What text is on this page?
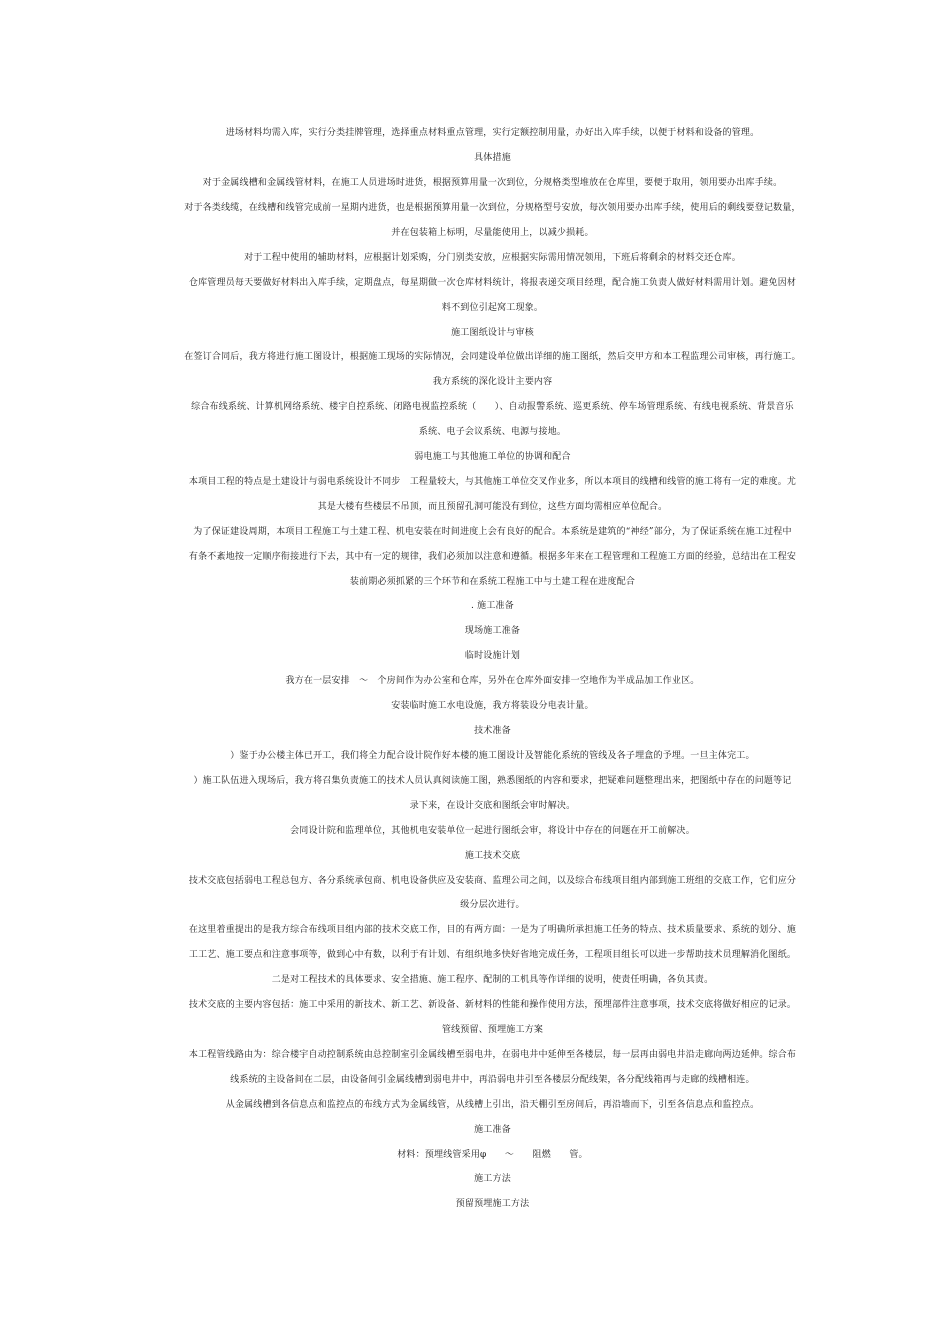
进场材料均需入库，实行分类挂牌管理，选择重点材料重点管理，实行定额控制用量，办好出入库手续，以便于材料和设备的管理。
具体措施
对于金属线槽和金属线管材料，在施工人员进场时进货，根据预算用量一次到位，分规格类型堆放在仓库里，要便于取用，领用要办出库手续。
对于各类线缆，在线槽和线管完成前一星期内进货，也是根据预算用量一次到位，分规格型号安放，每次领用要办出库手续，使用后的剩线要登记数量，
并在包装箱上标明，尽量能使用上，以减少损耗。
对于工程中使用的辅助材料，应根据计划采购，分门别类安放，应根据实际需用情况领用，下班后将剩余的材料交还仓库。
仓库管理员每天要做好材料出入库手续，定期盘点，每星期做一次仓库材料统计，将报表递交项目经理，配合施工负责人做好材料需用计划。避免因材
料不到位引起窝工现象。
施工图纸设计与审核
在签订合同后，我方将进行施工图设计，根据施工现场的实际情况，会同建设单位做出详细的施工图纸，然后交甲方和本工程监理公司审核，再行施工。
我方系统的深化设计主要内容
综合布线系统、计算机网络系统、楼宇自控系统、闭路电视监控系统（　　）、自动报警系统、巡更系统、停车场管理系统、有线电视系统、背景音乐
系统、电子会议系统、电源与接地。
弱电施工与其他施工单位的协调和配合
本项目工程的特点是土建设计与弱电系统设计不同步　工程量较大，与其他施工单位交叉作业多，所以本项目的线槽和线管的施工将有一定的难度。尤
其是大楼有些楼层不吊顶，而且预留孔洞可能没有到位，这些方面均需相应单位配合。
为了保证建设周期，本项目工程施工与土建工程、机电安装在时间进度上会有良好的配合。本系统是建筑的“神经”部分，为了保证系统在施工过程中
有条不紊地按一定顺序衔接进行下去，其中有一定的规律，我们必须加以注意和遵循。根据多年来在工程管理和工程施工方面的经验，总结出在工程安
装前期必须抓紧的三个环节和在系统工程施工中与土建工程在进度配合
. 施工准备
现场施工准备
临时设施计划
我方在一层安排　～　个房间作为办公室和仓库，另外在仓库外面安排一空地作为半成品加工作业区。
安装临时施工水电设施，我方将装设分电表计量。
技术准备
）鉴于办公楼主体已开工，我们将全力配合设计院作好本楼的施工图设计及智能化系统的管线及各子埋盒的予埋。一旦主体完工。
）施工队伍进入现场后，我方将召集负责施工的技术人员认真阅读施工图，熟悉图纸的内容和要求，把疑难问题整理出来，把图纸中存在的问题等记
录下来，在设计交底和图纸会审时解决。
会同设计院和监理单位，其他机电安装单位一起进行图纸会审，将设计中存在的问题在开工前解决。
施工技术交底
技术交底包括弱电工程总包方、各分系统承包商、机电设备供应及安装商、监理公司之间，以及综合布线项目组内部到施工班组的交底工作，它们应分
级分层次进行。
在这里着重提出的是我方综合布线项目组内部的技术交底工作，目的有两方面：一是为了明确所承担施工任务的特点、技术质量要求、系统的划分、施
工工艺、施工要点和注意事项等，做到心中有数，以利于有计划、有组织地多快好省地完成任务，工程项目组长可以进一步帮助技术员理解消化图纸。
二是对工程技术的具体要求、安全措施、施工程序、配制的工机具等作详细的说明，使责任明确，各负其责。
技术交底的主要内容包括：施工中采用的新技术、新工艺、新设备、新材料的性能和操作使用方法，预埋部件注意事项，技术交底将做好相应的记录。
管线预留、预埋施工方案
本工程管线路由为：综合楼宇自动控制系统由总控制室引金属线槽至弱电井，在弱电井中延伸至各楼层，每一层再由弱电井沿走廊向两边延伸。综合布
线系统的主设备间在二层，由设备间引金属线槽到弱电井中，再沿弱电井引至各楼层分配线架，各分配线箱再与走廊的线槽相连。
从金属线槽到各信息点和监控点的布线方式为金属线管，从线槽上引出，沿天棚引至房间后，再沿墙而下，引至各信息点和监控点。
施工准备
材料：预埋线管采用φ　　～　　阻燃　　管。
施工方法
预留预埋施工方法
